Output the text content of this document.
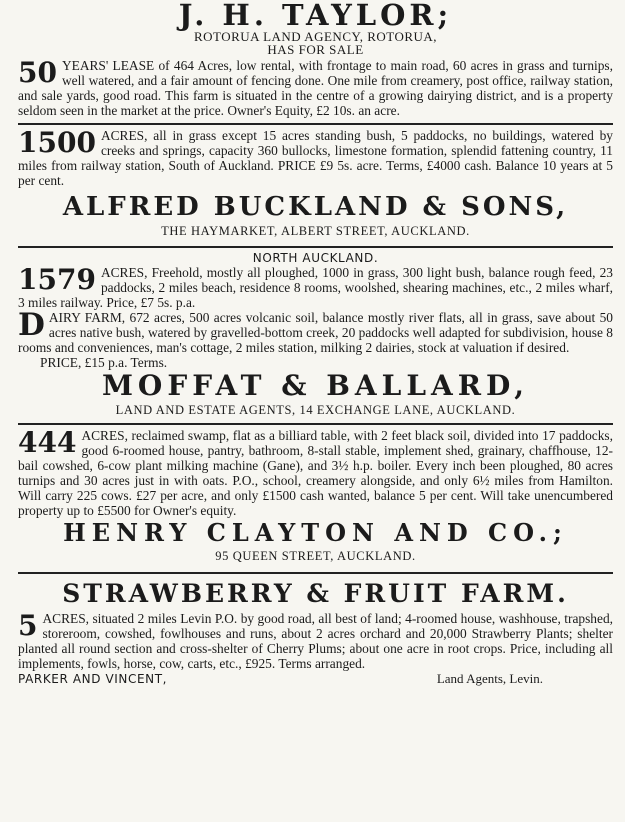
J. H. TAYLOR;
ROTORUA LAND AGENCY, ROTORUA,
HAS FOR SALE
50 YEARS' LEASE of 464 Acres, low rental, with frontage to main road, 60 acres in grass and turnips, well watered, and a fair amount of fencing done. One mile from creamery, post office, railway station, and sale yards, good road. This farm is situated in the centre of a growing dairying district, and is a property seldom seen in the market at the price. Owner's Equity, £2 10s. an acre.
1500 ACRES, all in grass except 15 acres standing bush, 5 paddocks, no buildings, watered by creeks and springs, capacity 360 bullocks, limestone formation, splendid fattening country, 11 miles from railway station, South of Auckland. PRICE £9 5s. acre. Terms, £4000 cash. Balance 10 years at 5 per cent.
ALFRED BUCKLAND & SONS,
THE HAYMARKET, ALBERT STREET, AUCKLAND.
NORTH AUCKLAND.
1579 ACRES, Freehold, mostly all ploughed, 1000 in grass, 300 light bush, balance rough feed, 23 paddocks, 2 miles beach, residence 8 rooms, woolshed, shearing machines, etc., 2 miles wharf, 3 miles railway. Price, £7 5s. p.a.
D AIRY FARM, 672 acres, 500 acres volcanic soil, balance mostly river flats, all in grass, save about 50 acres native bush, watered by gravelled-bottom creek, 20 paddocks well adapted for subdivision, house 8 rooms and conveniences, man's cottage, 2 miles station, milking 2 dairies, stock at valuation if desired.
PRICE, £15 p.a. Terms.
MOFFAT & BALLARD,
LAND AND ESTATE AGENTS, 14 EXCHANGE LANE, AUCKLAND.
444 ACRES, reclaimed swamp, flat as a billiard table, with 2 feet black soil, divided into 17 paddocks, good 6-roomed house, pantry, bathroom, 8-stall stable, implement shed, grainary, chaffhouse, 12-bail cowshed, 6-cow plant milking machine (Gane), and 3½ h.p. boiler. Every inch been ploughed, 80 acres turnips and 30 acres just in with oats. P.O., school, creamery alongside, and only 6½ miles from Hamilton. Will carry 225 cows. £27 per acre, and only £1500 cash wanted, balance 5 per cent. Will take unencumbered property up to £5500 for Owner's equity.
HENRY CLAYTON AND CO.;
95 QUEEN STREET, AUCKLAND.
STRAWBERRY & FRUIT FARM.
5 ACRES, situated 2 miles Levin P.O. by good road, all best of land; 4-roomed house, washhouse, trapshed, storeroom, cowshed, fowlhouses and runs, about 2 acres orchard and 20,000 Strawberry Plants; shelter planted all round section and cross-shelter of Cherry Plums; about one acre in root crops. Price, including all implements, fowls, horse, cow, carts, etc., £925. Terms arranged.
PARKER AND VINCENT,	Land Agents, Levin.
